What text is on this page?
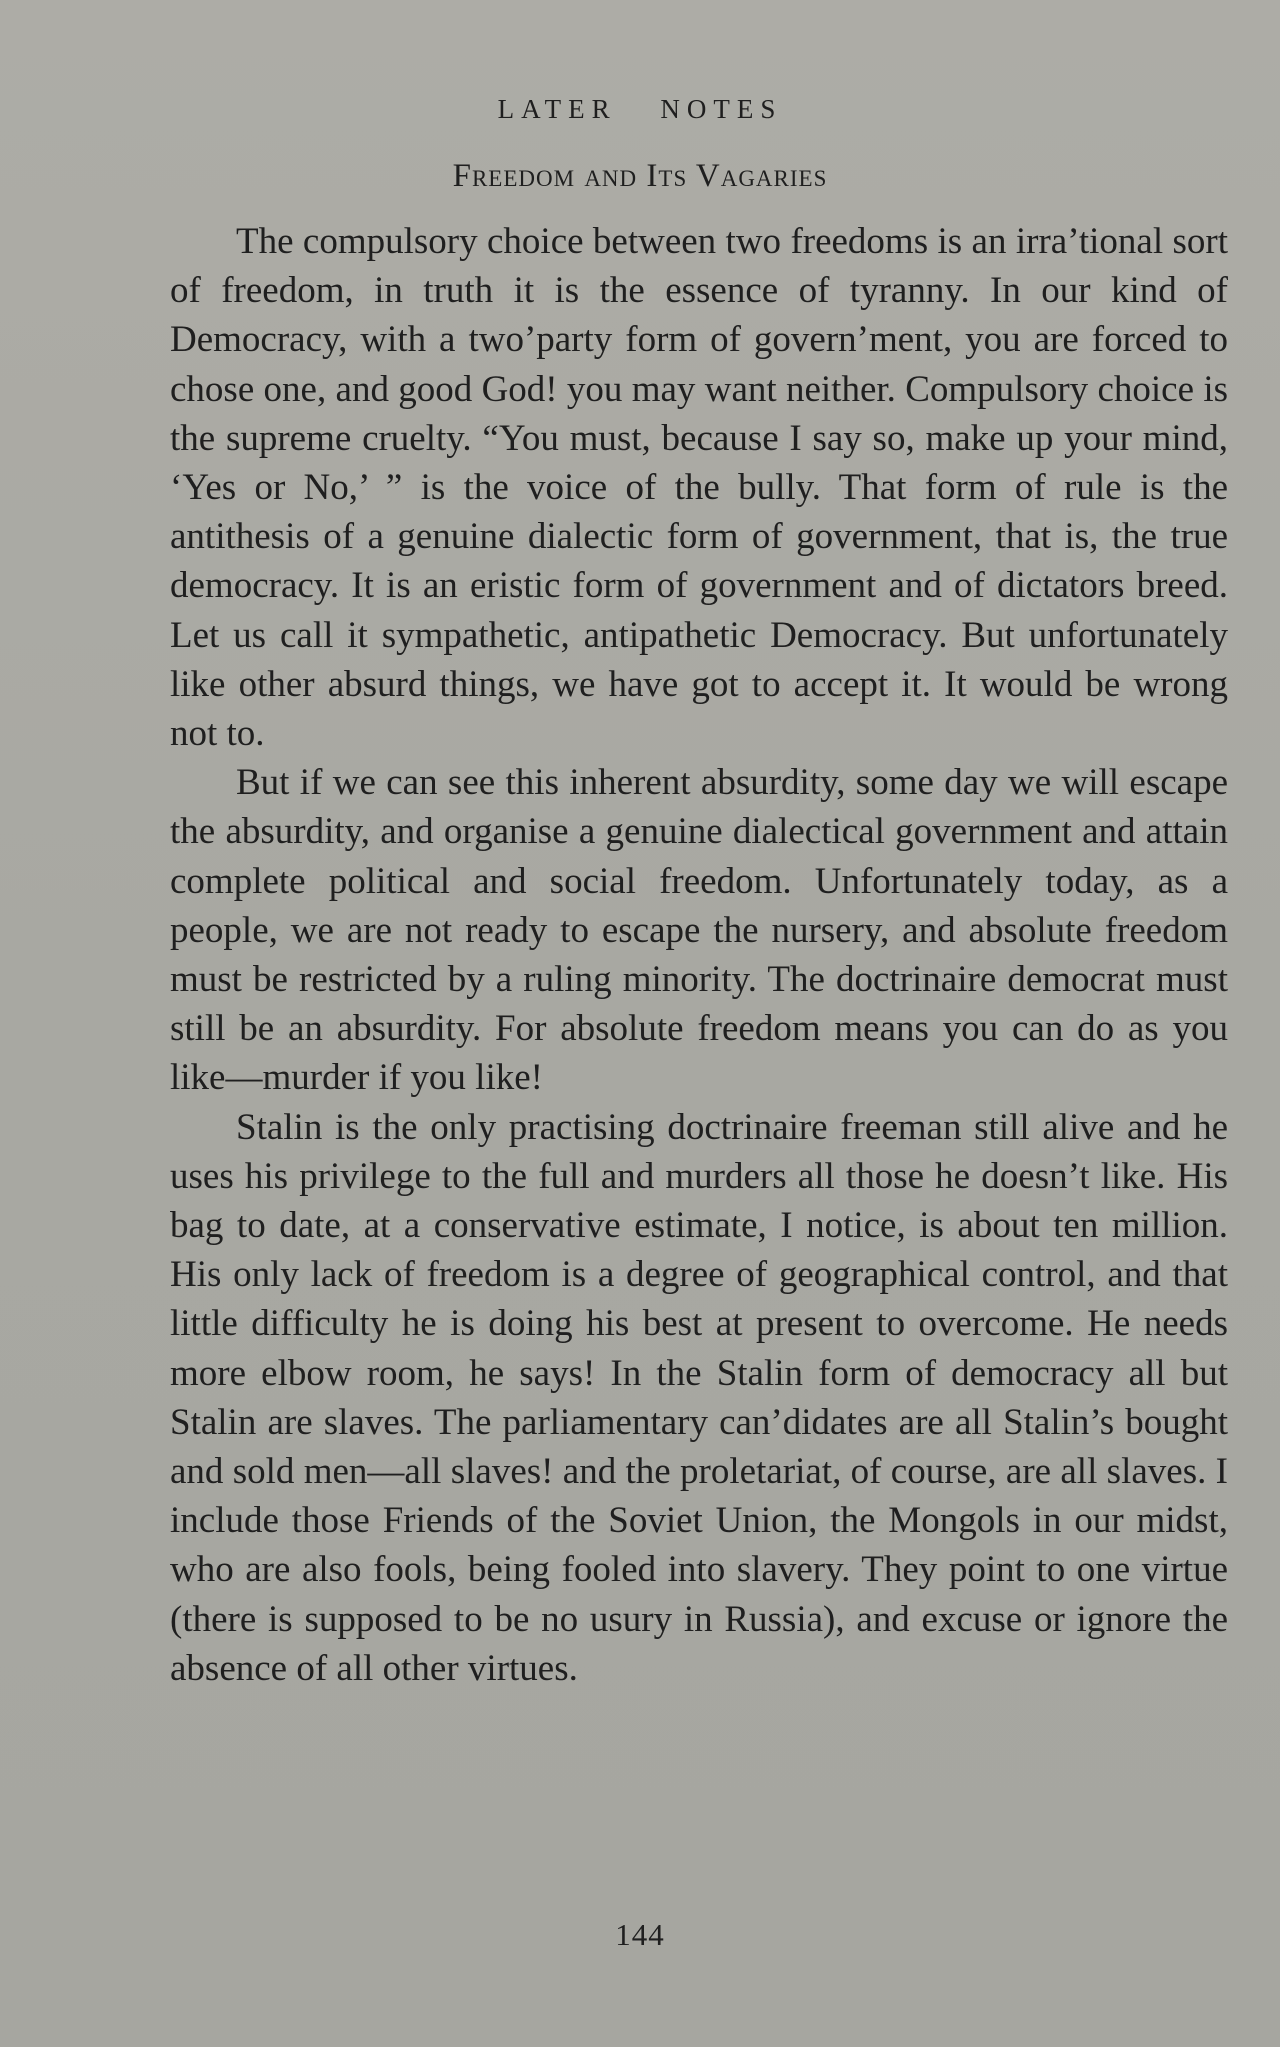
LATER NOTES
Freedom and Its Vagaries

The compulsory choice between two freedoms is an irra’tional sort of freedom, in truth it is the essence of tyranny. In our kind of Democracy, with a two’party form of govern’ment, you are forced to chose one, and good God! you may want neither. Compulsory choice is the supreme cruelty. “You must, because I say so, make up your mind, ‘Yes or No,’ ” is the voice of the bully. That form of rule is the antithesis of a genuine dialectic form of government, that is, the true democracy. It is an eristic form of government and of dictators breed. Let us call it sympathetic, antipathetic Democracy. But unfortunately like other absurd things, we have got to accept it. It would be wrong not to.

But if we can see this inherent absurdity, some day we will escape the absurdity, and organise a genuine dialectical government and attain complete political and social freedom. Unfortunately today, as a people, we are not ready to escape the nursery, and absolute freedom must be restricted by a ruling minority. The doctrinaire democrat must still be an absurdity. For absolute freedom means you can do as you like—murder if you like!

Stalin is the only practising doctrinaire freeman still alive and he uses his privilege to the full and murders all those he doesn’t like. His bag to date, at a conservative estimate, I notice, is about ten million. His only lack of freedom is a degree of geographical control, and that little difficulty he is doing his best at present to overcome. He needs more elbow room, he says! In the Stalin form of democracy all but Stalin are slaves. The parliamentary can’didates are all Stalin’s bought and sold men—all slaves! and the proletariat, of course, are all slaves. I include those Friends of the Soviet Union, the Mongols in our midst, who are also fools, being fooled into slavery. They point to one virtue (there is supposed to be no usury in Russia), and excuse or ignore the absence of all other virtues.

144
